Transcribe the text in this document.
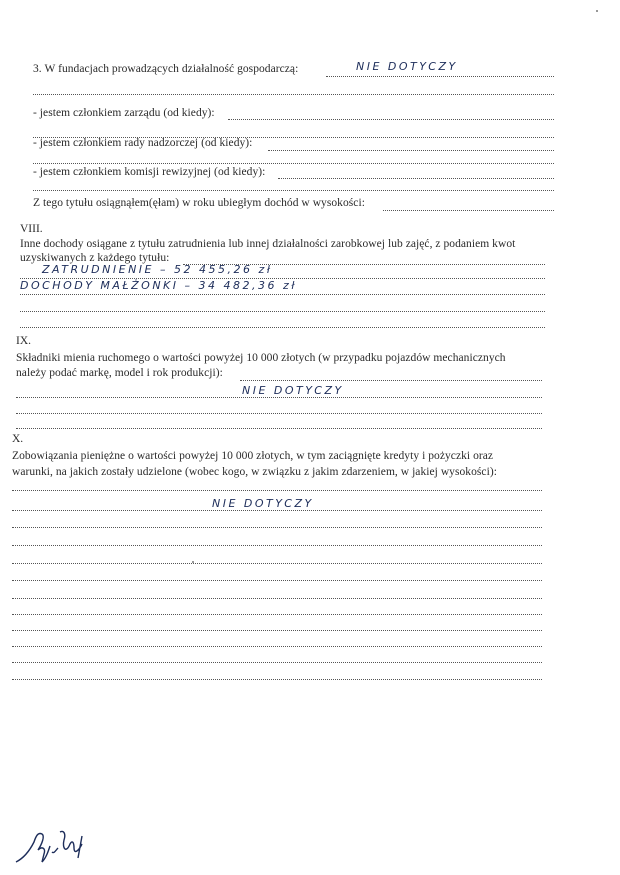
3. W fundacjach prowadzących działalność gospodarczą:	NIE DOTYCZY
- jestem członkiem zarządu (od kiedy):
- jestem członkiem rady nadzorczej (od kiedy):
- jestem członkiem komisji rewizyjnej (od kiedy):
Z tego tytułu osiągnąłem(ęłam) w roku ubiegłym dochód w wysokości:
VIII.
Inne dochody osiągane z tytułu zatrudnienia lub innej działalności zarobkowej lub zajęć, z podaniem kwot
uzyskiwanych z każdego tytułu:
ZATRUDNIENIE – 52 455,26 zł
DOCHODY MAŁŻONKI – 34 482,36 zł
IX.
Składniki mienia ruchomego o wartości powyżej 10 000 złotych (w przypadku pojazdów mechanicznych
należy podać markę, model i rok produkcji):
NIE DOTYCZY
X.
Zobowiązania pieniężne o wartości powyżej 10 000 złotych, w tym zaciągnięte kredyty i pożyczki oraz
warunki, na jakich zostały udzielone (wobec kogo, w związku z jakim zdarzeniem, w jakiej wysokości):
NIE DOTYCZY
